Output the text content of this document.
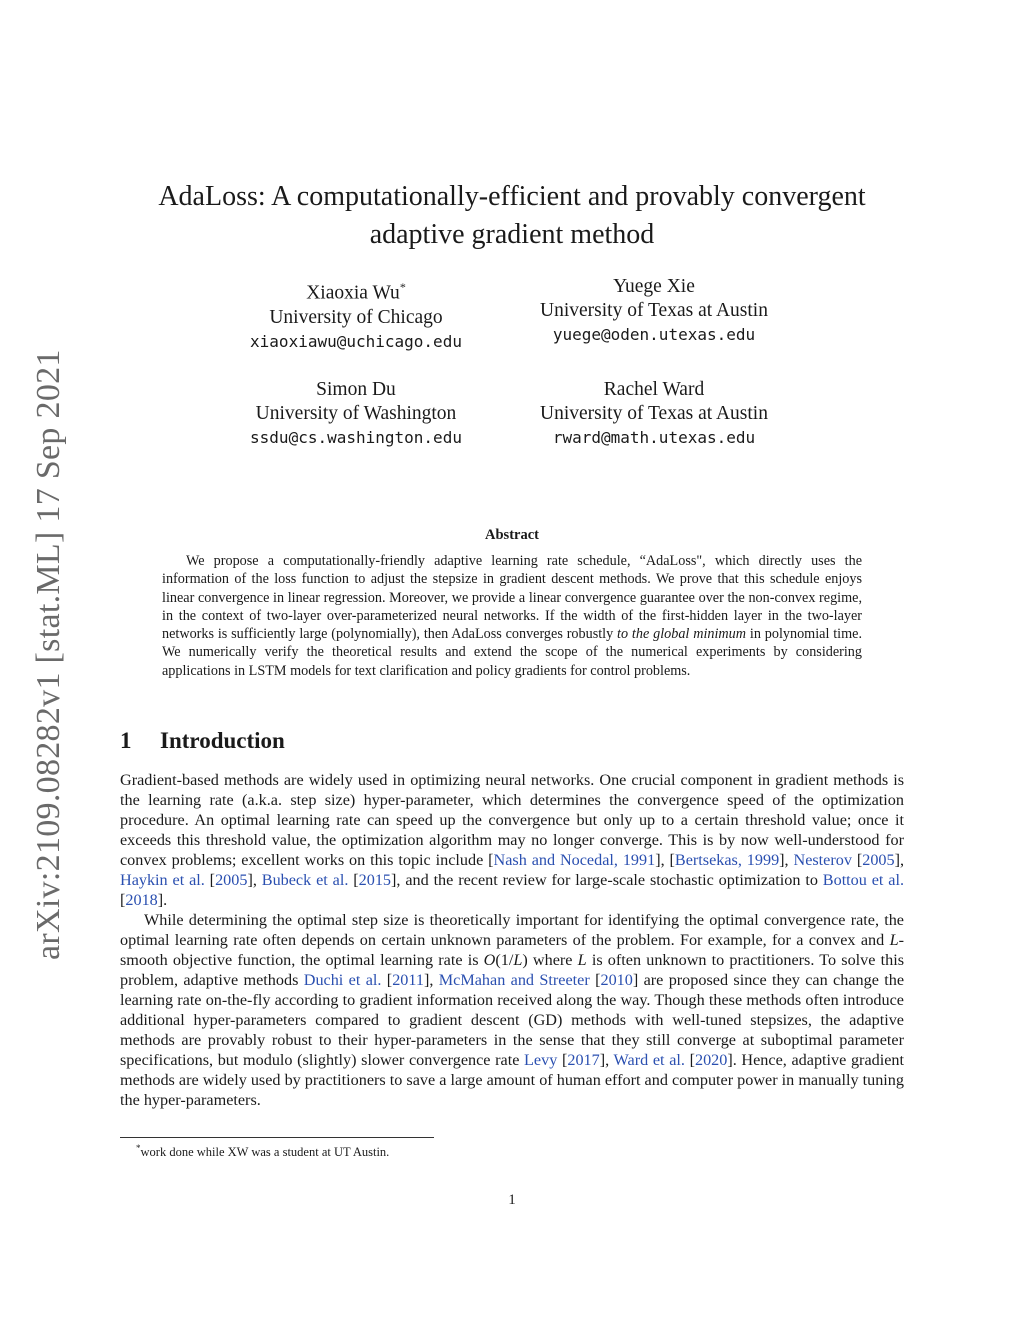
arXiv:2109.08282v1 [stat.ML] 17 Sep 2021
AdaLoss: A computationally-efficient and provably convergent
adaptive gradient method
Xiaoxia Wu*
University of Chicago
xiaoxiawu@uchicago.edu
Yuege Xie
University of Texas at Austin
yuege@oden.utexas.edu
Simon Du
University of Washington
ssdu@cs.washington.edu
Rachel Ward
University of Texas at Austin
rward@math.utexas.edu
Abstract

We propose a computationally-friendly adaptive learning rate schedule, “AdaLoss", which directly uses the information of the loss function to adjust the stepsize in gradient descent methods. We prove that this schedule enjoys linear convergence in linear regression. Moreover, we provide a linear convergence guarantee over the non-convex regime, in the context of two-layer over-parameterized neural networks. If the width of the first-hidden layer in the two-layer networks is sufficiently large (polynomially), then AdaLoss converges robustly to the global minimum in polynomial time. We numerically verify the theoretical results and extend the scope of the numerical experiments by considering applications in LSTM models for text clarification and policy gradients for control problems.

1 Introduction

Gradient-based methods are widely used in optimizing neural networks. One crucial component in gradient methods is the learning rate (a.k.a. step size) hyper-parameter, which determines the convergence speed of the optimization procedure. An optimal learning rate can speed up the convergence but only up to a certain threshold value; once it exceeds this threshold value, the optimization algorithm may no longer converge. This is by now well-understood for convex problems; excellent works on this topic include [Nash and Nocedal, 1991], [Bertsekas, 1999], Nesterov [2005], Haykin et al. [2005], Bubeck et al. [2015], and the recent review for large-scale stochastic optimization to Bottou et al. [2018].

While determining the optimal step size is theoretically important for identifying the optimal convergence rate, the optimal learning rate often depends on certain unknown parameters of the problem. For example, for a convex and L-smooth objective function, the optimal learning rate is O(1/L) where L is often unknown to practitioners. To solve this problem, adaptive methods Duchi et al. [2011], McMahan and Streeter [2010] are proposed since they can change the learning rate on-the-fly according to gradient information received along the way. Though these methods often introduce additional hyper-parameters compared to gradient descent (GD) methods with well-tuned stepsizes, the adaptive methods are provably robust to their hyper-parameters in the sense that they still converge at suboptimal parameter specifications, but modulo (slightly) slower convergence rate Levy [2017], Ward et al. [2020]. Hence, adaptive gradient methods are widely used by practitioners to save a large amount of human effort and computer power in manually tuning the hyper-parameters.

*work done while XW was a student at UT Austin.
1
